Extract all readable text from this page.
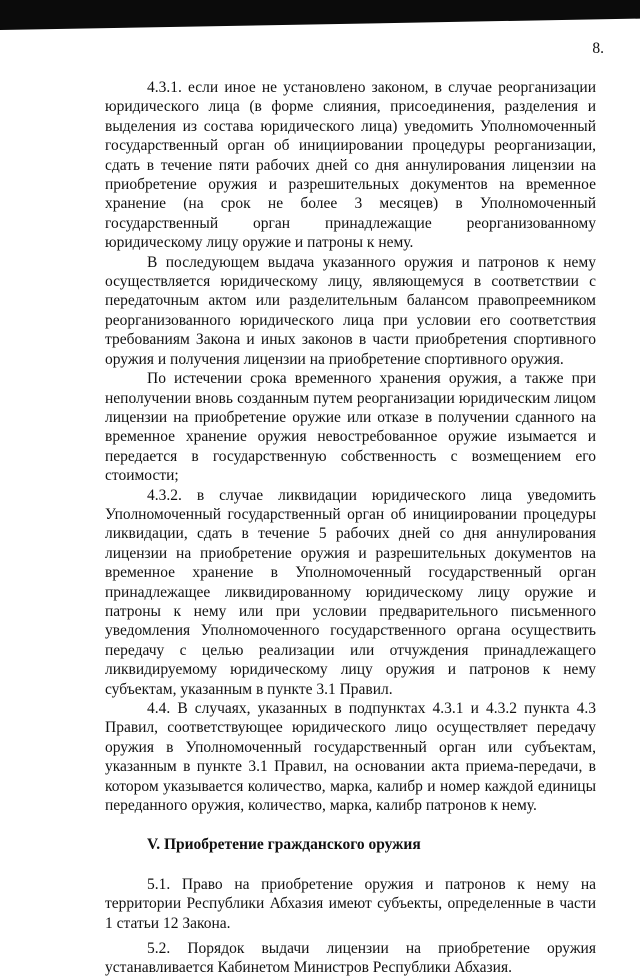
8.

4.3.1. если иное не установлено законом, в случае реорганизации юридического лица (в форме слияния, присоединения, разделения и выделения из состава юридического лица) уведомить Уполномоченный государственный орган об инициировании процедуры реорганизации, сдать в течение пяти рабочих дней со дня аннулирования лицензии на приобретение оружия и разрешительных документов на временное хранение (на срок не более 3 месяцев) в Уполномоченный государственный орган принадлежащие реорганизованному юридическому лицу оружие и патроны к нему.

В последующем выдача указанного оружия и патронов к нему осуществляется юридическому лицу, являющемуся в соответствии с передаточным актом или разделительным балансом правопреемником реорганизованного юридического лица при условии его соответствия требованиям Закона и иных законов в части приобретения спортивного оружия и получения лицензии на приобретение спортивного оружия.

По истечении срока временного хранения оружия, а также при неполучении вновь созданным путем реорганизации юридическим лицом лицензии на приобретение оружие или отказе в получении сданного на временное хранение оружия невостребованное оружие изымается и передается в государственную собственность с возмещением его стоимости;

4.3.2. в случае ликвидации юридического лица уведомить Уполномоченный государственный орган об инициировании процедуры ликвидации, сдать в течение 5 рабочих дней со дня аннулирования лицензии на приобретение оружия и разрешительных документов на временное хранение в Уполномоченный государственный орган принадлежащее ликвидированному юридическому лицу оружие и патроны к нему или при условии предварительного письменного уведомления Уполномоченного государственного органа осуществить передачу с целью реализации или отчуждения принадлежащего ликвидируемому юридическому лицу оружия и патронов к нему субъектам, указанным в пункте 3.1 Правил.

4.4. В случаях, указанных в подпунктах 4.3.1 и 4.3.2 пункта 4.3 Правил, соответствующее юридического лицо осуществляет передачу оружия в Уполномоченный государственный орган или субъектам, указанным в пункте 3.1 Правил, на основании акта приема-передачи, в котором указывается количество, марка, калибр и номер каждой единицы переданного оружия, количество, марка, калибр патронов к нему.

V. Приобретение гражданского оружия

5.1. Право на приобретение оружия и патронов к нему на территории Республики Абхазия имеют субъекты, определенные в части 1 статьи 12 Закона.

5.2. Порядок выдачи лицензии на приобретение оружия устанавливается Кабинетом Министров Республики Абхазия.
